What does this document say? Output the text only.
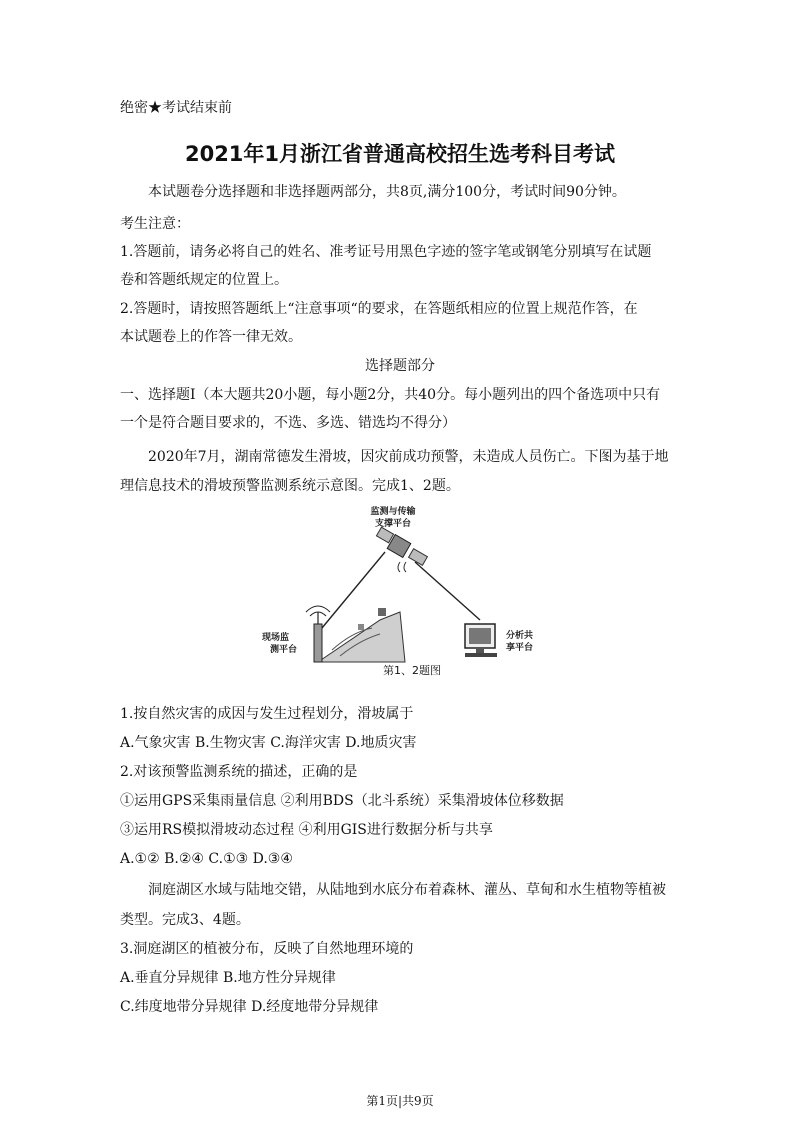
绝密★考试结束前
2021年1月浙江省普通高校招生选考科目考试
本试题卷分选择题和非选择题两部分，共8页,满分100分，考试时间90分钟。
考生注意：
1.答题前，请务必将自己的姓名、准考证号用黑色字迹的签字笔或钢笔分别填写在试题
卷和答题纸规定的位置上。
2.答题时，请按照答题纸上“注意事项“的要求，在答题纸相应的位置上规范作答，在
本试题卷上的作答一律无效。
选择题部分
一、选择题Ⅰ（本大题共20小题，每小题2分，共40分。每小题列出的四个备选项中只有
一个是符合题目要求的，不选、多选、错选均不得分）
2020年7月，湖南常德发生滑坡，因灾前成功预警，未造成人员伤亡。下图为基于地
理信息技术的滑坡预警监测系统示意图。完成1、2题。
监测与传输
支撑平台
现场监
测平台
分析共
享平台
第1、2题图
1.按自然灾害的成因与发生过程划分，滑坡属于
A.气象灾害 B.生物灾害 C.海洋灾害 D.地质灾害
2.对该预警监测系统的描述，正确的是
①运用GPS采集雨量信息 ②利用BDS（北斗系统）采集滑坡体位移数据
③运用RS模拟滑坡动态过程 ④利用GIS进行数据分析与共享
A.①② B.②④ C.①③ D.③④
洞庭湖区水域与陆地交错，从陆地到水底分布着森林、灌丛、草甸和水生植物等植被
类型。完成3、4题。
3.洞庭湖区的植被分布，反映了自然地理环境的
A.垂直分异规律 B.地方性分异规律
C.纬度地带分异规律 D.经度地带分异规律
第1页|共9页
